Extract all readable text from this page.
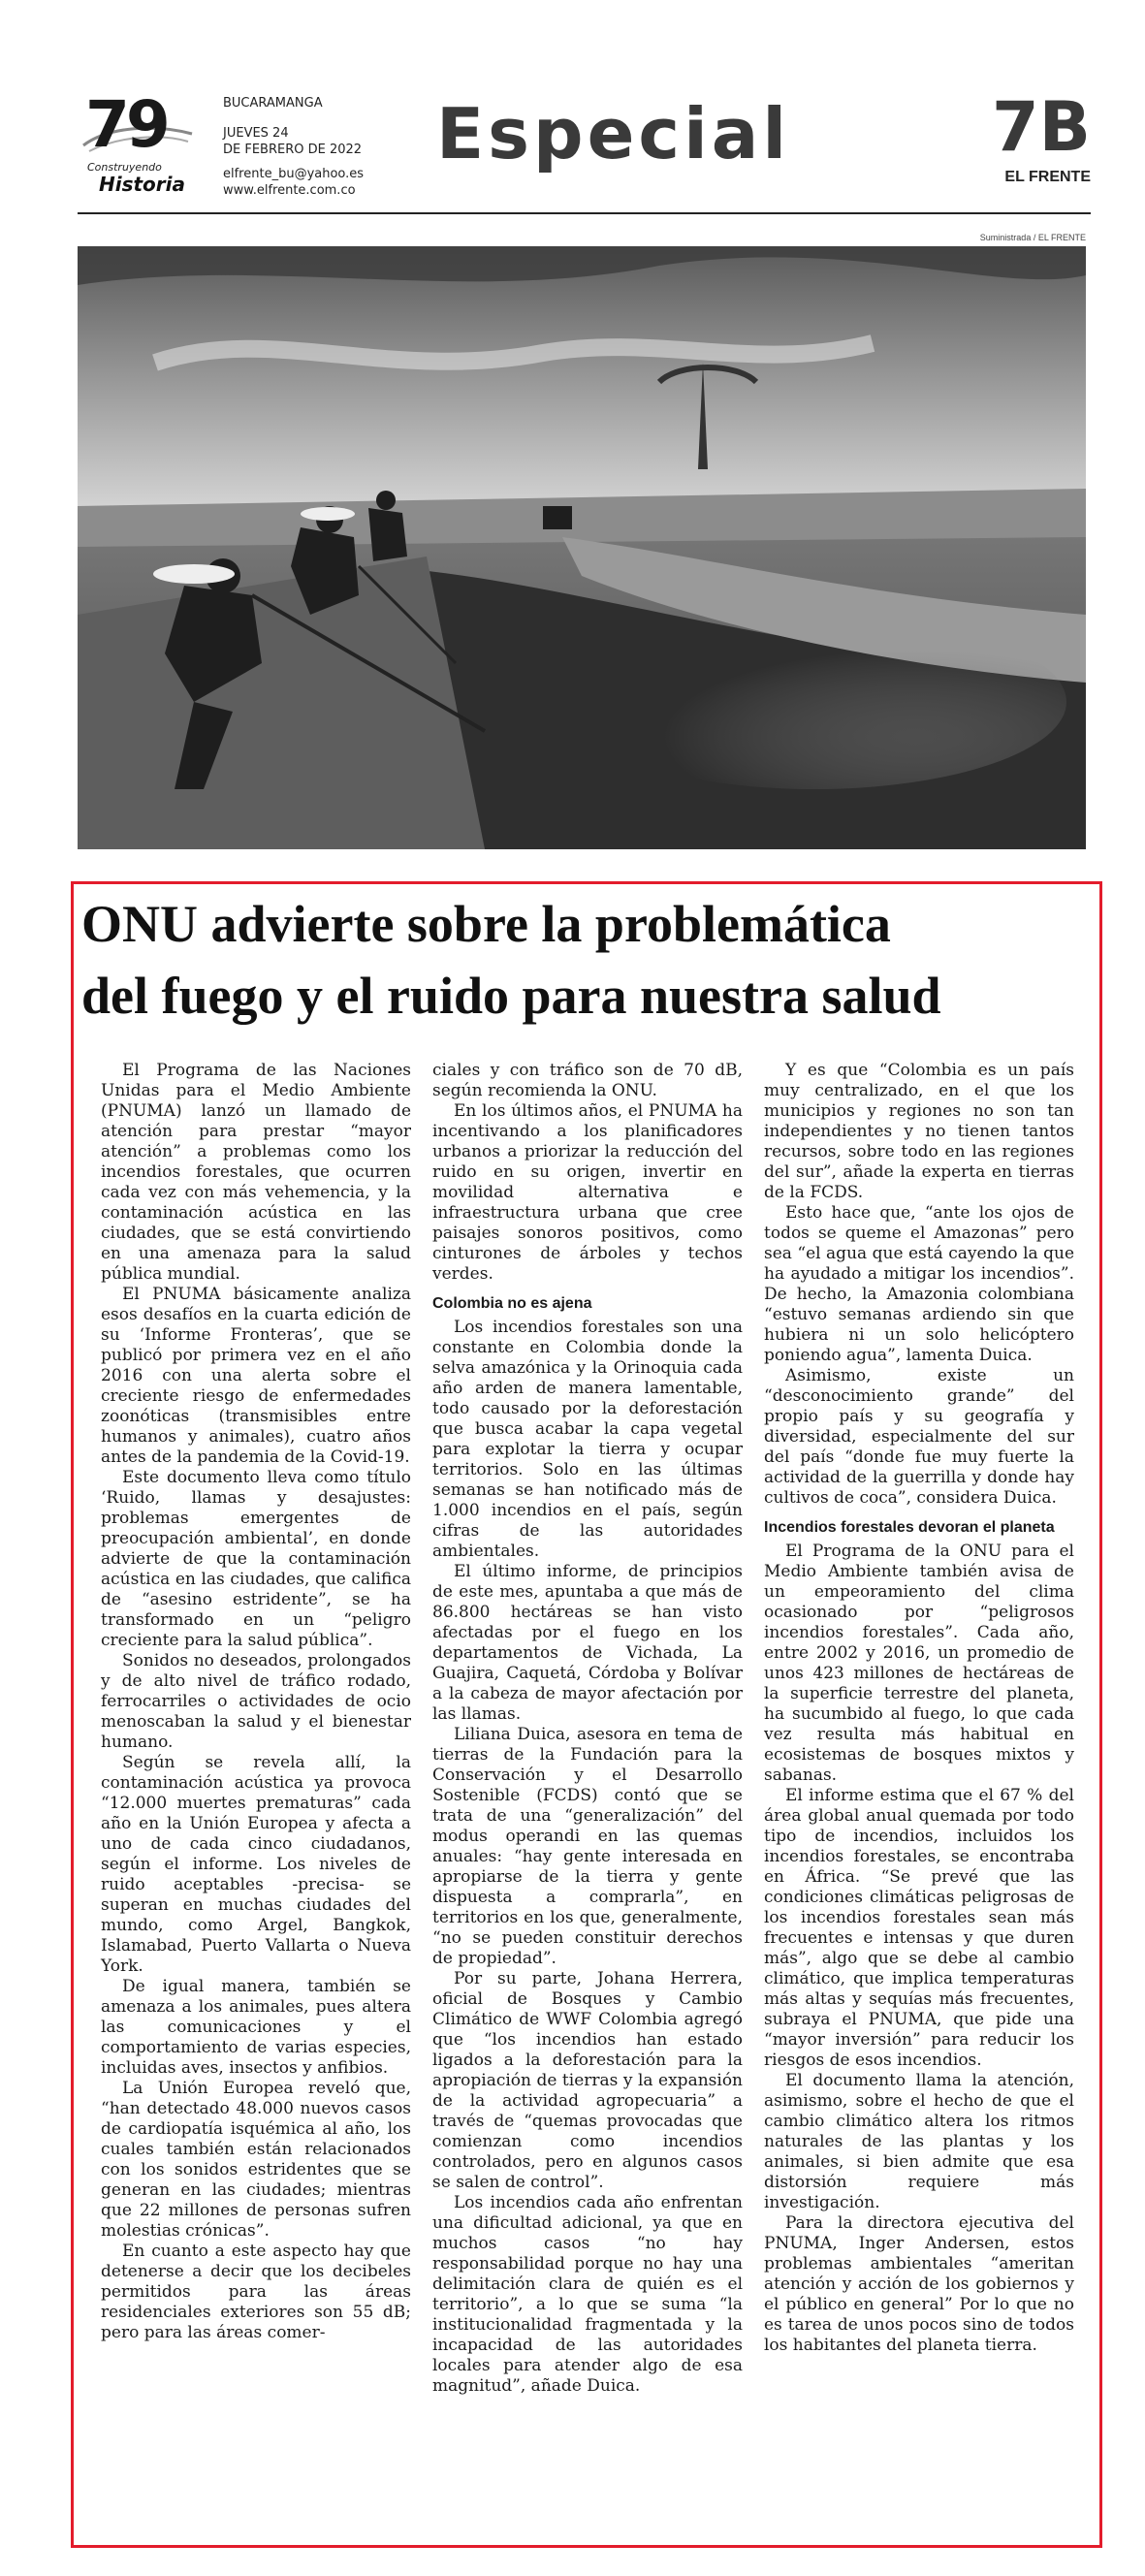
79
Construyendo
Historia
BUCARAMANGA
JUEVES 24
DE FEBRERO DE 2022
elfrente_bu@yahoo.es
www.elfrente.com.co
Especial	7B
EL FRENTE
Suministrada / EL FRENTE
ONU advierte sobre la problemática
del fuego y el ruido para nuestra salud

El Programa de las Naciones Unidas para el Medio Ambiente (PNUMA) lanzó un llamado de atención para prestar “mayor atención” a problemas como los incendios forestales, que ocurren cada vez con más vehemencia, y la contaminación acústica en las ciudades, que se está convirtiendo en una amenaza para la salud pública mundial.

El PNUMA básicamente analiza esos desafíos en la cuarta edición de su ‘Informe Fronteras’, que se publicó por primera vez en el año 2016 con una alerta sobre el creciente riesgo de enfermedades zoonóticas (transmisibles entre humanos y animales), cuatro años antes de la pandemia de la Covid-19.

Este documento lleva como título ‘Ruido, llamas y desajustes: problemas emergentes de preocupación ambiental’, en donde advierte de que la contaminación acústica en las ciudades, que califica de “asesino estridente”, se ha transformado en un “peligro creciente para la salud pública”.

Sonidos no deseados, prolongados y de alto nivel de tráfico rodado, ferrocarriles o actividades de ocio menoscaban la salud y el bienestar humano.

Según se revela allí, la contaminación acústica ya provoca “12.000 muertes prematuras” cada año en la Unión Europea y afecta a uno de cada cinco ciudadanos, según el informe. Los niveles de ruido aceptables -precisa- se superan en muchas ciudades del mundo, como Argel, Bangkok, Islamabad, Puerto Vallarta o Nueva York.

De igual manera, también se amenaza a los animales, pues altera las comunicaciones y el comportamiento de varias especies, incluidas aves, insectos y anfibios.

La Unión Europea reveló que, “han detectado 48.000 nuevos casos de cardiopatía isquémica al año, los cuales también están relacionados con los sonidos estridentes que se generan en las ciudades; mientras que 22 millones de personas sufren molestias crónicas”.

En cuanto a este aspecto hay que detenerse a decir que los decibeles permitidos para las áreas residenciales exteriores son 55 dB; pero para las áreas comer-

ciales y con tráfico son de 70 dB, según recomienda la ONU.

En los últimos años, el PNUMA ha incentivando a los planificadores urbanos a priorizar la reducción del ruido en su origen, invertir en movilidad alternativa e infraestructura urbana que cree paisajes sonoros positivos, como cinturones de árboles y techos verdes.

Colombia no es ajena

Los incendios forestales son una constante en Colombia donde la selva amazónica y la Orinoquia cada año arden de manera lamentable, todo causado por la deforestación que busca acabar la capa vegetal para explotar la tierra y ocupar territorios. Solo en las últimas semanas se han notificado más de 1.000 incendios en el país, según cifras de las autoridades ambientales.

El último informe, de principios de este mes, apuntaba a que más de 86.800 hectáreas se han visto afectadas por el fuego en los departamentos de Vichada, La Guajira, Caquetá, Córdoba y Bolívar a la cabeza de mayor afectación por las llamas.

Liliana Duica, asesora en tema de tierras de la Fundación para la Conservación y el Desarrollo Sostenible (FCDS) contó que se trata de una “generalización” del modus operandi en las quemas anuales: “hay gente interesada en apropiarse de la tierra y gente dispuesta a comprarla”, en territorios en los que, generalmente, “no se pueden constituir derechos de propiedad”.

Por su parte, Johana Herrera, oficial de Bosques y Cambio Climático de WWF Colombia agregó que “los incendios han estado ligados a la deforestación para la apropiación de tierras y la expansión de la actividad agropecuaria” a través de “quemas provocadas que comienzan como incendios controlados, pero en algunos casos se salen de control”.

Los incendios cada año enfrentan una dificultad adicional, ya que en muchos casos “no hay responsabilidad porque no hay una delimitación clara de quién es el territorio”, a lo que se suma “la institucionalidad fragmentada y la incapacidad de las autoridades locales para atender algo de esa magnitud”, añade Duica.

Y es que “Colombia es un país muy centralizado, en el que los municipios y regiones no son tan independientes y no tienen tantos recursos, sobre todo en las regiones del sur”, añade la experta en tierras de la FCDS.

Esto hace que, “ante los ojos de todos se queme el Amazonas” pero sea “el agua que está cayendo la que ha ayudado a mitigar los incendios”. De hecho, la Amazonia colombiana “estuvo semanas ardiendo sin que hubiera ni un solo helicóptero poniendo agua”, lamenta Duica.

Asimismo, existe un “desconocimiento grande” del propio país y su geografía y diversidad, especialmente del sur del país “donde fue muy fuerte la actividad de la guerrilla y donde hay cultivos de coca”, considera Duica.

Incendios forestales devoran el planeta

El Programa de la ONU para el Medio Ambiente también avisa de un empeoramiento del clima ocasionado por “peligrosos incendios forestales”. Cada año, entre 2002 y 2016, un promedio de unos 423 millones de hectáreas de la superficie terrestre del planeta, ha sucumbido al fuego, lo que cada vez resulta más habitual en ecosistemas de bosques mixtos y sabanas.

El informe estima que el 67 % del área global anual quemada por todo tipo de incendios, incluidos los incendios forestales, se encontraba en África. “Se prevé que las condiciones climáticas peligrosas de los incendios forestales sean más frecuentes e intensas y que duren más”, algo que se debe al cambio climático, que implica temperaturas más altas y sequías más frecuentes, subraya el PNUMA, que pide una “mayor inversión” para reducir los riesgos de esos incendios.

El documento llama la atención, asimismo, sobre el hecho de que el cambio climático altera los ritmos naturales de las plantas y los animales, si bien admite que esa distorsión requiere más investigación.

Para la directora ejecutiva del PNUMA, Inger Andersen, estos problemas ambientales “ameritan atención y acción de los gobiernos y el público en general” Por lo que no es tarea de unos pocos sino de todos los habitantes del planeta tierra.
